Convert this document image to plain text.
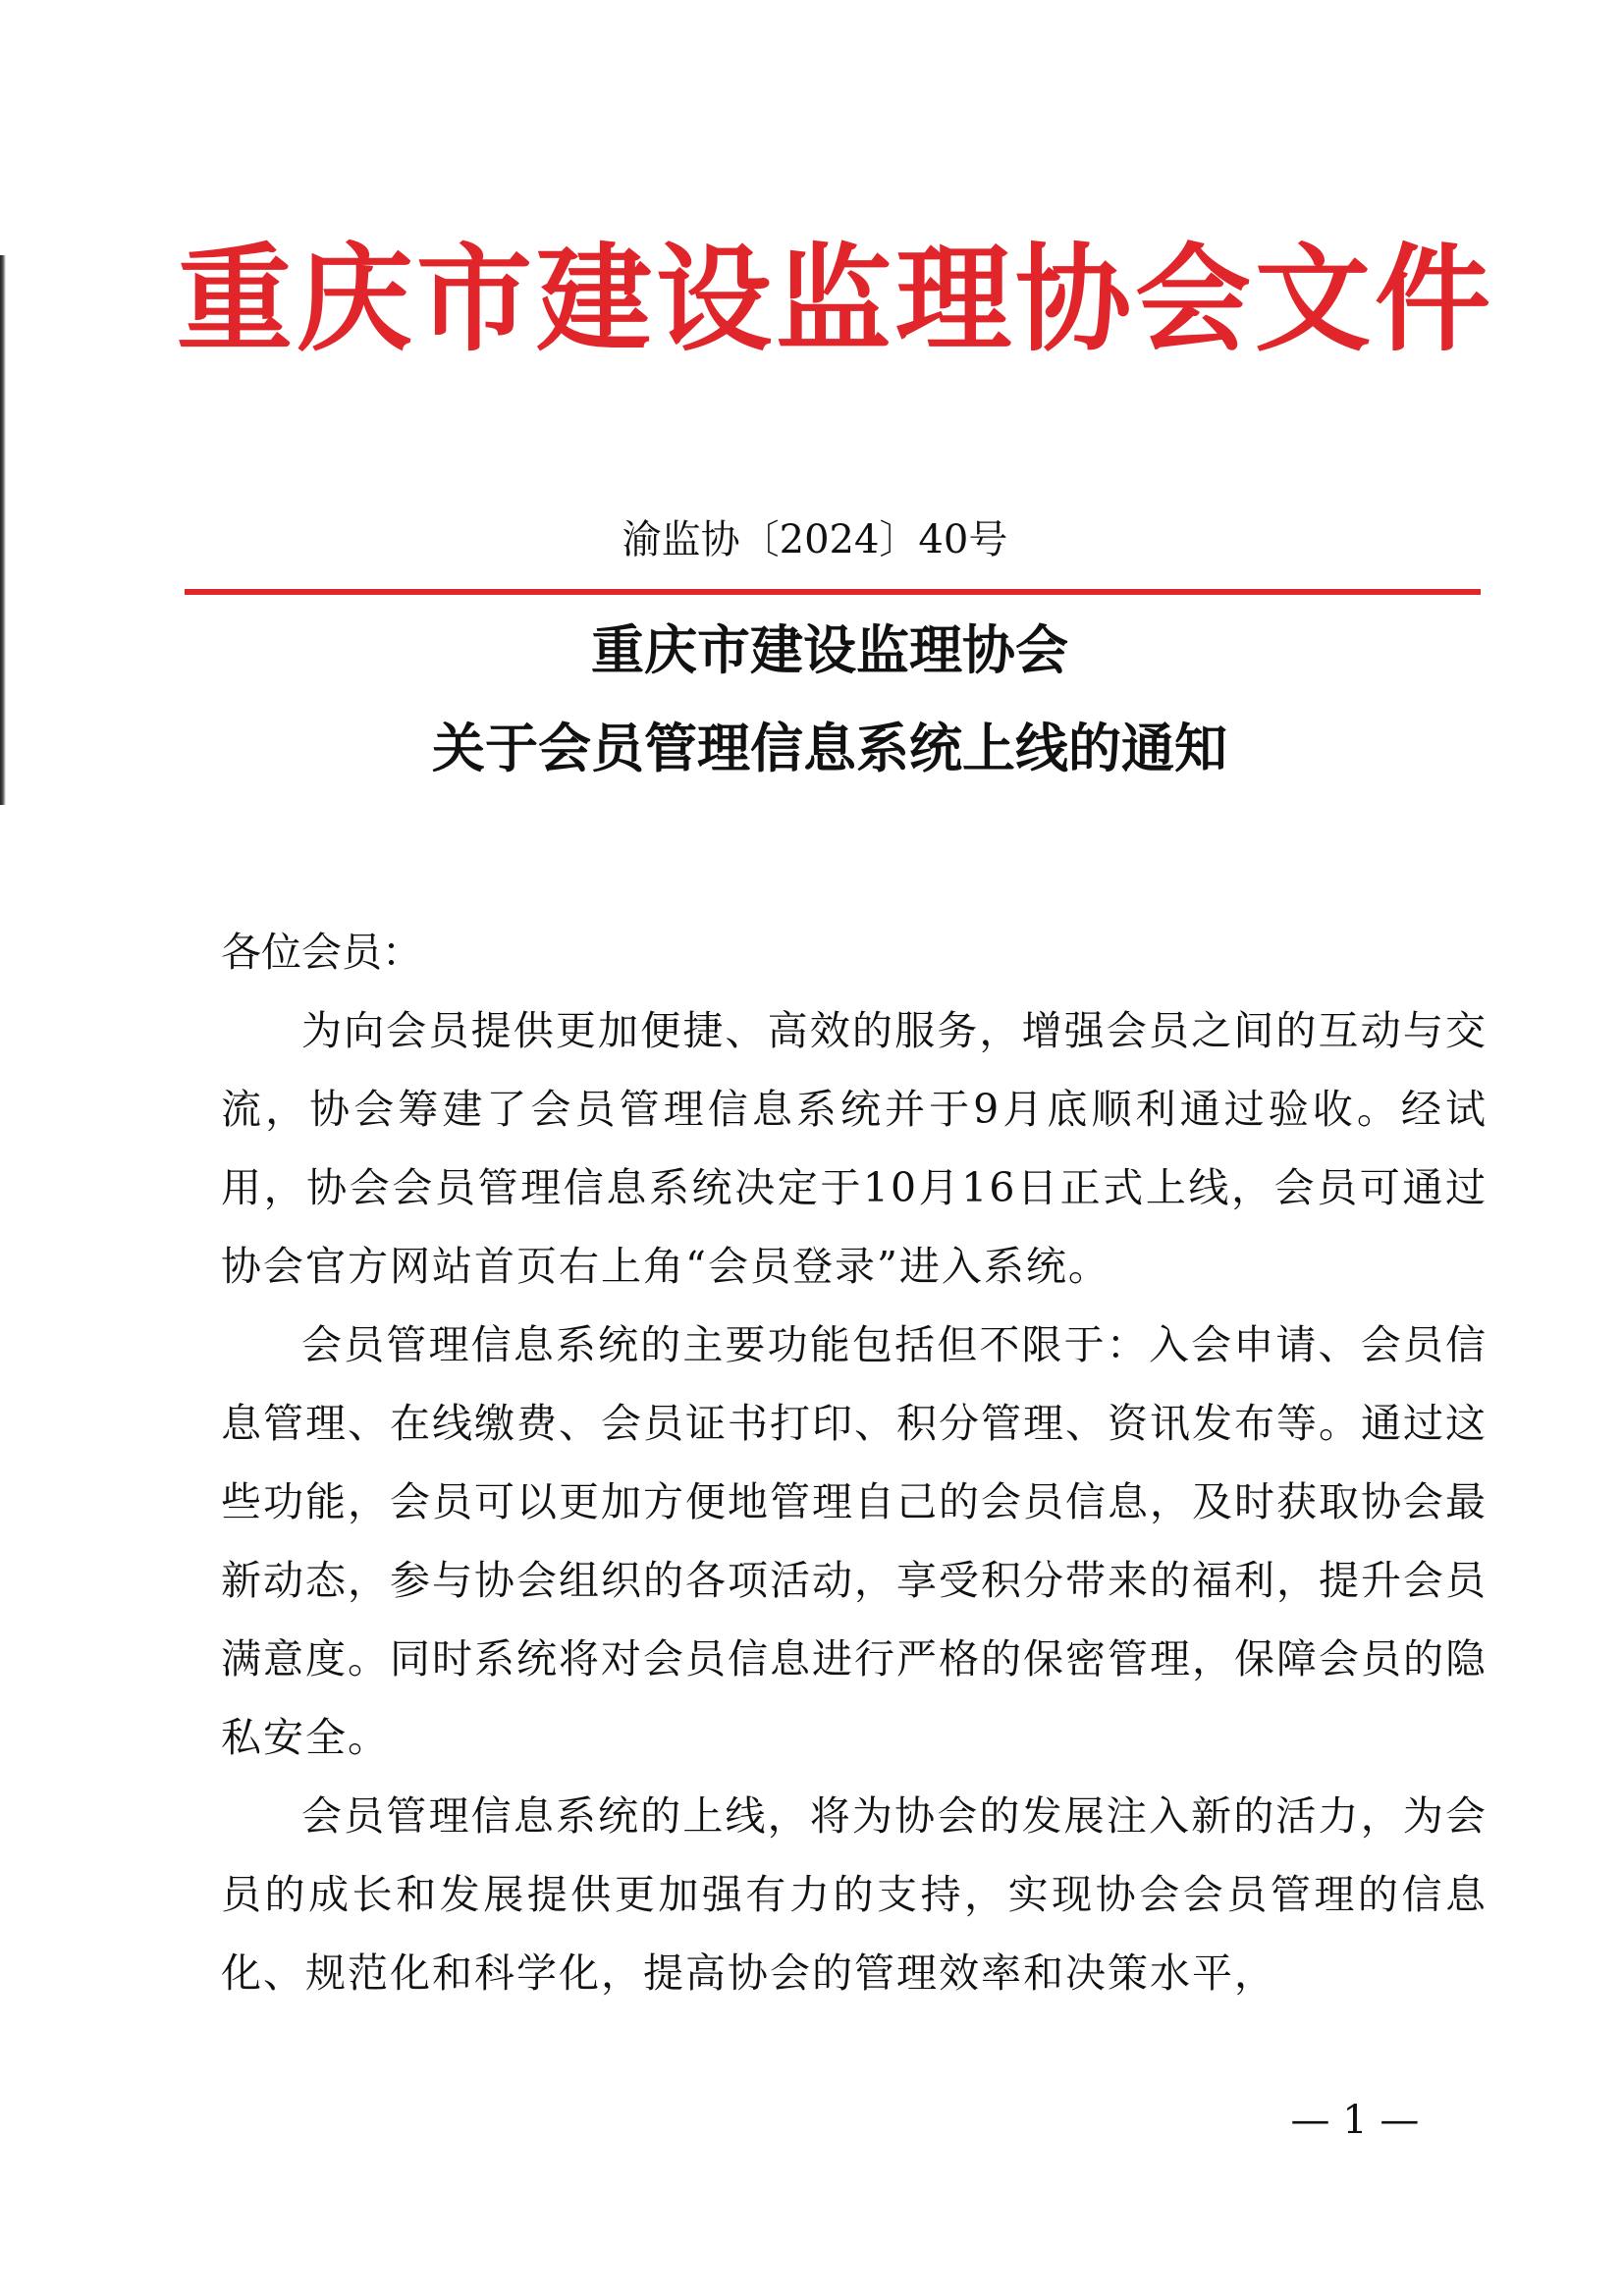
重庆市建设监理协会文件
渝监协〔2024〕40号
重庆市建设监理协会
关于会员管理信息系统上线的通知

各位会员：

为向会员提供更加便捷、高效的服务，增强会员之间的互动与交流，协会筹建了会员管理信息系统并于9月底顺利通过验收。经试用，协会会员管理信息系统决定于10月16日正式上线，会员可通过协会官方网站首页右上角“会员登录”进入系统。

会员管理信息系统的主要功能包括但不限于：入会申请、会员信息管理、在线缴费、会员证书打印、积分管理、资讯发布等。通过这些功能，会员可以更加方便地管理自己的会员信息，及时获取协会最新动态，参与协会组织的各项活动，享受积分带来的福利，提升会员满意度。同时系统将对会员信息进行严格的保密管理，保障会员的隐私安全。

会员管理信息系统的上线，将为协会的发展注入新的活力，为会员的成长和发展提供更加强有力的支持，实现协会会员管理的信息化、规范化和科学化，提高协会的管理效率和决策水平，

— 1 —
